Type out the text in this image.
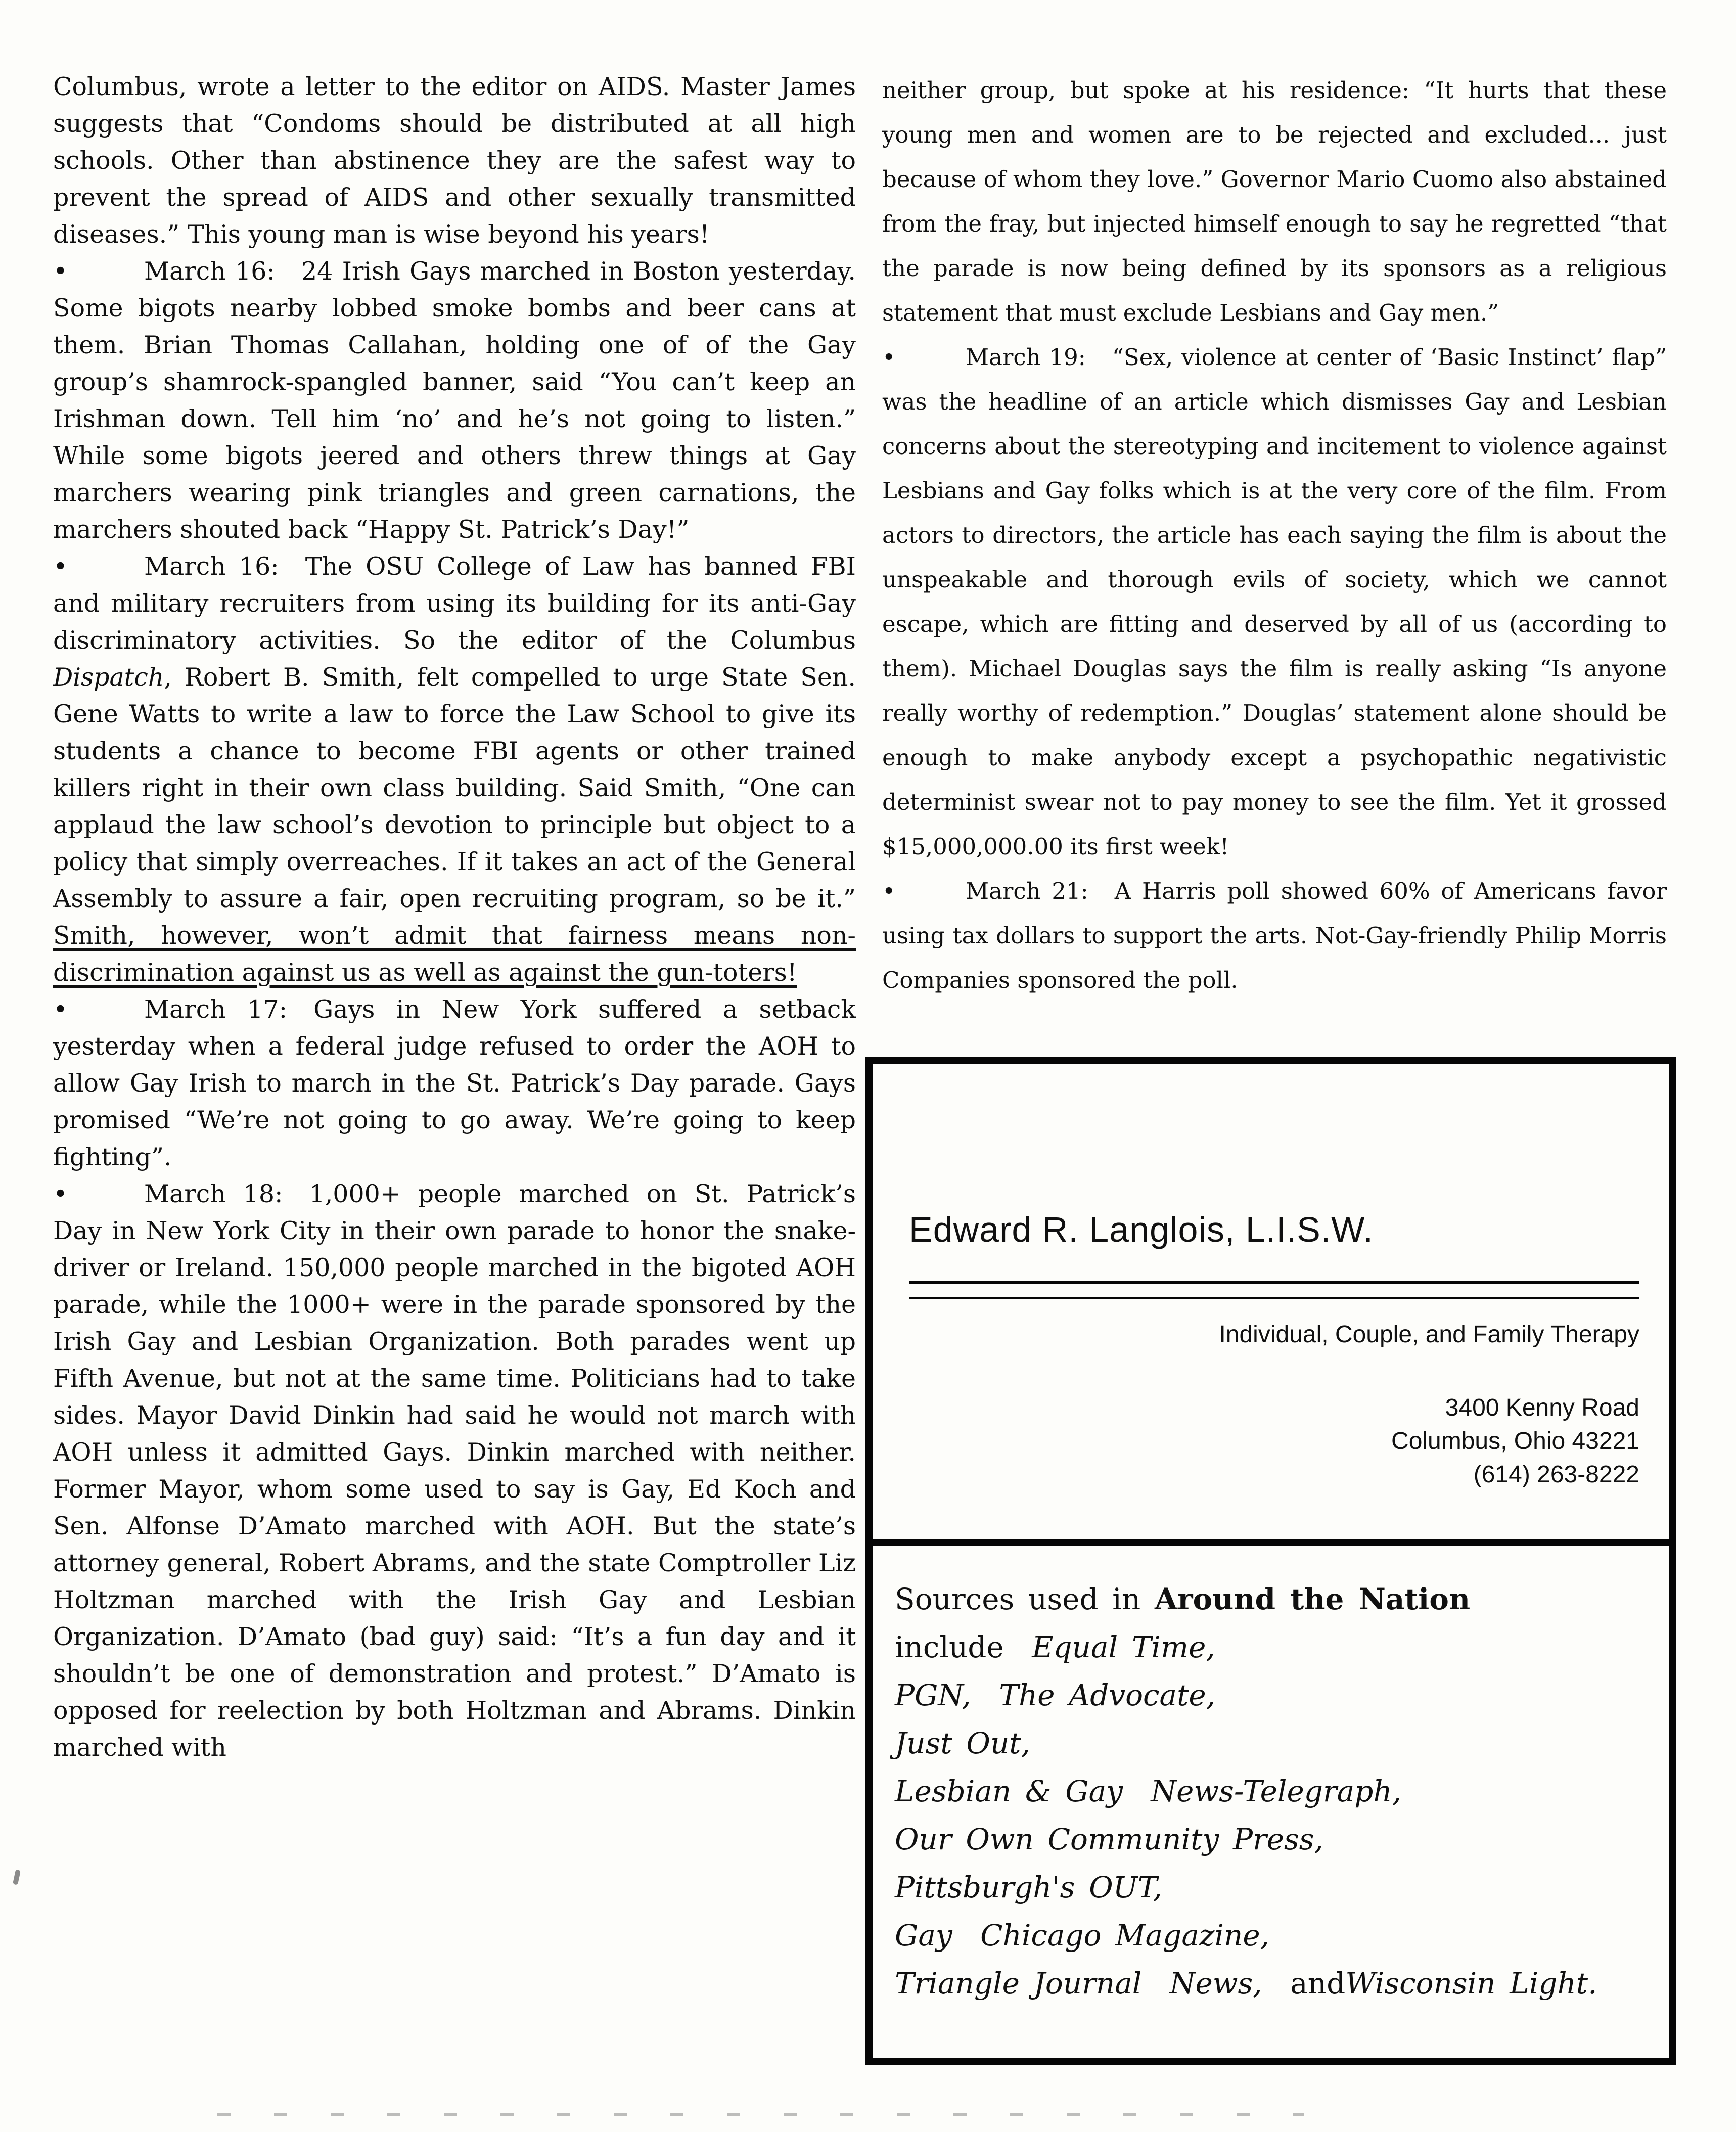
Columbus, wrote a letter to the editor on AIDS. Master James suggests that “Condoms should be distributed at all high schools. Other than abstinence they are the safest way to prevent the spread of AIDS and other sexually transmitted diseases.” This young man is wise beyond his years!

•	March 16: 24 Irish Gays marched in Boston yesterday. Some bigots nearby lobbed smoke bombs and beer cans at them. Brian Thomas Callahan, holding one of of the Gay group’s shamrock-spangled banner, said “You can’t keep an Irishman down. Tell him ‘no’ and he’s not going to listen.” While some bigots jeered and others threw things at Gay marchers wearing pink triangles and green carnations, the marchers shouted back “Happy St. Patrick’s Day!”

•	March 16: The OSU College of Law has banned FBI and military recruiters from using its building for its anti-Gay discriminatory activities. So the editor of the Columbus Dispatch, Robert B. Smith, felt compelled to urge State Sen. Gene Watts to write a law to force the Law School to give its students a chance to become FBI agents or other trained killers right in their own class building. Said Smith, “One can applaud the law school’s devotion to principle but object to a policy that simply overreaches. If it takes an act of the General Assembly to assure a fair, open recruiting program, so be it.” Smith, however, won’t admit that fairness means non-discrimination against us as well as against the gun-toters!

•	March 17: Gays in New York suffered a setback yesterday when a federal judge refused to order the AOH to allow Gay Irish to march in the St. Patrick’s Day parade. Gays promised “We’re not going to go away. We’re going to keep fighting”.

•	March 18: 1,000+ people marched on St. Patrick’s Day in New York City in their own parade to honor the snake-driver or Ireland. 150,000 people marched in the bigoted AOH parade, while the 1000+ were in the parade sponsored by the Irish Gay and Lesbian Organization. Both parades went up Fifth Avenue, but not at the same time. Politicians had to take sides. Mayor David Dinkin had said he would not march with AOH unless it admitted Gays. Dinkin marched with neither. Former Mayor, whom some used to say is Gay, Ed Koch and Sen. Alfonse D’Amato marched with AOH. But the state’s attorney general, Robert Abrams, and the state Comptroller Liz Holtzman marched with the Irish Gay and Lesbian Organization. D’Amato (bad guy) said: “It’s a fun day and it shouldn’t be one of demonstration and protest.” D’Amato is opposed for reelection by both Holtzman and Abrams. Dinkin marched with

neither group, but spoke at his residence: “It hurts that these young men and women are to be rejected and excluded... just because of whom they love.” Governor Mario Cuomo also abstained from the fray, but injected himself enough to say he regretted “that the parade is now being defined by its sponsors as a religious statement that must exclude Lesbians and Gay men.”

•	March 19: “Sex, violence at center of ‘Basic Instinct’ flap” was the headline of an article which dismisses Gay and Lesbian concerns about the stereotyping and incitement to violence against Lesbians and Gay folks which is at the very core of the film. From actors to directors, the article has each saying the film is about the unspeakable and thorough evils of society, which we cannot escape, which are fitting and deserved by all of us (according to them). Michael Douglas says the film is really asking “Is anyone really worthy of redemption.” Douglas’ statement alone should be enough to make anybody except a psychopathic negativistic determinist swear not to pay money to see the film. Yet it grossed $15,000,000.00 its first week!

•	March 21: A Harris poll showed 60% of Americans favor using tax dollars to support the arts. Not-Gay-friendly Philip Morris Companies sponsored the poll.

Edward R. Langlois, L.I.S.W.
Individual, Couple, and Family Therapy
3400 Kenny Road
Columbus, Ohio 43221
(614) 263-8222
Sources used in Around the Nation
include  Equal Time,
PGN,  The Advocate,
Just Out,
Lesbian & Gay  News-Telegraph,
Our Own Community Press,
Pittsburgh's OUT,
Gay  Chicago Magazine,
Triangle Journal  News,  andWisconsin Light.
